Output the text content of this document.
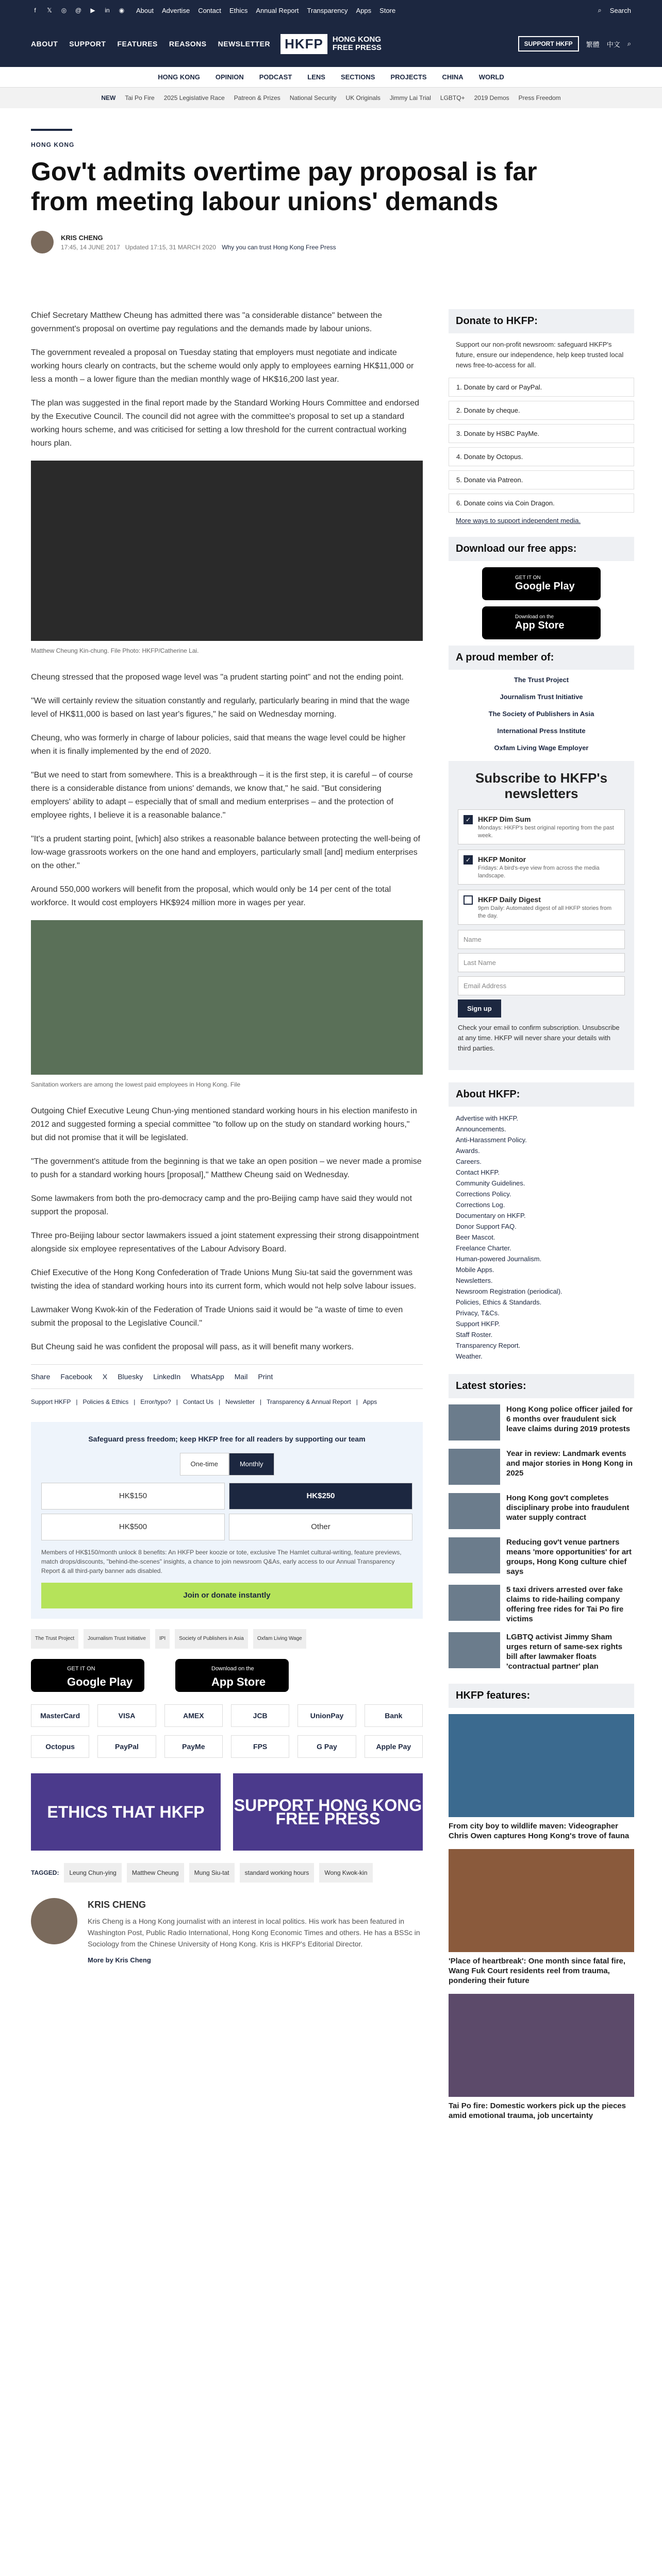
f	𝕏 ◎ @ ▶ in ◉ About Advertise Contact Ethics Annual Report Transparency Apps Store	⌕ Search
ABOUT SUPPORT FEATURES REASONS NEWSLETTER	HKFP	HONG KONG
FREE PRESS	SUPPORT HKFP	繁體 中文 ⌕
HONG KONG OPINION PODCAST LENS SECTIONS PROJECTS CHINA WORLD
NEW Tai Po Fire 2025 Legislative Race Patreon & Prizes National Security UK Originals Jimmy Lai Trial LGBTQ+ 2019 Demos Press Freedom
HONG KONG
Gov't admits overtime pay proposal is far from meeting labour unions' demands
KRIS CHENG
17:45, 14 JUNE 2017 Updated 17:15, 31 MARCH 2020 Why you can trust Hong Kong Free Press

Chief Secretary Matthew Cheung has admitted there was "a considerable distance" between the government's proposal on overtime pay regulations and the demands made by labour unions.

The government revealed a proposal on Tuesday stating that employers must negotiate and indicate working hours clearly on contracts, but the scheme would only apply to employees earning HK$11,000 or less a month – a lower figure than the median monthly wage of HK$16,200 last year.

The plan was suggested in the final report made by the Standard Working Hours Committee and endorsed by the Executive Council. The council did not agree with the committee's proposal to set up a standard working hours scheme, and was criticised for setting a low threshold for the current contractual working hours plan.

Matthew Cheung Kin-chung. File Photo: HKFP/Catherine Lai.

Cheung stressed that the proposed wage level was "a prudent starting point" and not the ending point.

"We will certainly review the situation constantly and regularly, particularly bearing in mind that the wage level of HK$11,000 is based on last year's figures," he said on Wednesday morning.

Cheung, who was formerly in charge of labour policies, said that means the wage level could be higher when it is finally implemented by the end of 2020.

"But we need to start from somewhere. This is a breakthrough – it is the first step, it is careful – of course there is a considerable distance from unions' demands, we know that," he said. "But considering employers' ability to adapt – especially that of small and medium enterprises – and the protection of employee rights, I believe it is a reasonable balance."

"It's a prudent starting point, [which] also strikes a reasonable balance between protecting the well-being of low-wage grassroots workers on the one hand and employers, particularly small [and] medium enterprises on the other."

Around 550,000 workers will benefit from the proposal, which would only be 14 per cent of the total workforce. It would cost employers HK$924 million more in wages per year.

Sanitation workers are among the lowest paid employees in Hong Kong. File

Outgoing Chief Executive Leung Chun-ying mentioned standard working hours in his election manifesto in 2012 and suggested forming a special committee "to follow up on the study on standard working hours," but did not promise that it will be legislated.

"The government's attitude from the beginning is that we take an open position – we never made a promise to push for a standard working hours [proposal]," Matthew Cheung said on Wednesday.

Some lawmakers from both the pro-democracy camp and the pro-Beijing camp have said they would not support the proposal.

Three pro-Beijing labour sector lawmakers issued a joint statement expressing their strong disappointment alongside six employee representatives of the Labour Advisory Board.

Chief Executive of the Hong Kong Confederation of Trade Unions Mung Siu-tat said the government was twisting the idea of standard working hours into its current form, which would not help solve labour issues.

Lawmaker Wong Kwok-kin of the Federation of Trade Unions said it would be "a waste of time to even submit the proposal to the Legislative Council."

But Cheung said he was confident the proposal will pass, as it will benefit many workers.

Share Facebook X Bluesky LinkedIn WhatsApp Mail Print
Support HKFP | Policies & Ethics | Error/typo? | Contact Us | Newsletter | Transparency & Annual Report | Apps
Safeguard press freedom; keep HKFP free for all readers by supporting our team
One-time	Monthly
HK$150	HK$250
HK$500	Other
Members of HK$150/month unlock 8 benefits: An HKFP beer koozie or tote, exclusive The Hamlet cultural-writing, feature previews, match drops/discounts, "behind-the-scenes" insights, a chance to join newsroom Q&As, early access to our Annual Transparency Report & all third-party banner ads disabled.
Join or donate instantly
The Trust Project	Journalism Trust Initiative	IPI	Society of Publishers in Asia	Oxfam Living Wage
GET IT ON
Google Play
Download on the
App Store
MasterCard	VISA	AMEX	JCB	UnionPay	Bank
Octopus	PayPal	PayMe	FPS	G Pay	Apple Pay
ETHICS THAT HKFP	SUPPORT HONG KONG FREE PRESS
TAGGED:	Leung Chun-ying	Matthew Cheung	Mung Siu-tat	standard working hours	Wong Kwok-kin
KRIS CHENG
Kris Cheng is a Hong Kong journalist with an interest in local politics. His work has been featured in Washington Post, Public Radio International, Hong Kong Economic Times and others. He has a BSSc in Sociology from the Chinese University of Hong Kong. Kris is HKFP's Editorial Director.
More by Kris Cheng
Donate to HKFP:
Support our non-profit newsroom: safeguard HKFP's future, ensure our independence, help keep trusted local news free-to-access for all.
1. Donate by card or PayPal.
2. Donate by cheque.
3. Donate by HSBC PayMe.
4. Donate by Octopus.
5. Donate via Patreon.
6. Donate coins via Coin Dragon.
More ways to support independent media.
Download our free apps:
GET IT ON
Google Play
Download on the
App Store
A proud member of:
The Trust Project
Journalism Trust Initiative
The Society of Publishers in Asia
International Press Institute
Oxfam Living Wage Employer
Subscribe to HKFP's newsletters
✓ HKFP Dim Sum
Mondays: HKFP's best original reporting from the past week.
✓ HKFP Monitor
Fridays: A bird's-eye view from across the media landscape.
HKFP Daily Digest
9pm Daily: Automated digest of all HKFP stories from the day.
Name
Last Name
Email Address
Sign up
Check your email to confirm subscription. Unsubscribe at any time. HKFP will never share your details with third parties.
About HKFP:
Advertise with HKFP.
Announcements.
Anti-Harassment Policy.
Awards.
Careers.
Contact HKFP.
Community Guidelines.
Corrections Policy.
Corrections Log.
Documentary on HKFP.
Donor Support FAQ.
Beer Mascot.
Freelance Charter.
Human-powered Journalism.
Mobile Apps.
Newsletters.
Newsroom Registration (periodical).
Policies, Ethics & Standards.
Privacy, T&Cs.
Support HKFP.
Staff Roster.
Transparency Report.
Weather.
Latest stories:
Hong Kong police officer jailed for 6 months over fraudulent sick leave claims during 2019 protests
Year in review: Landmark events and major stories in Hong Kong in 2025
Hong Kong gov't completes disciplinary probe into fraudulent water supply contract
Reducing gov't venue partners means 'more opportunities' for art groups, Hong Kong culture chief says
5 taxi drivers arrested over fake claims to ride-hailing company offering free rides for Tai Po fire victims
LGBTQ activist Jimmy Sham urges return of same-sex rights bill after lawmaker floats 'contractual partner' plan
HKFP features:
From city boy to wildlife maven: Videographer Chris Owen captures Hong Kong's trove of fauna
'Place of heartbreak': One month since fatal fire, Wang Fuk Court residents reel from trauma, pondering their future
Tai Po fire: Domestic workers pick up the pieces amid emotional trauma, job uncertainty
